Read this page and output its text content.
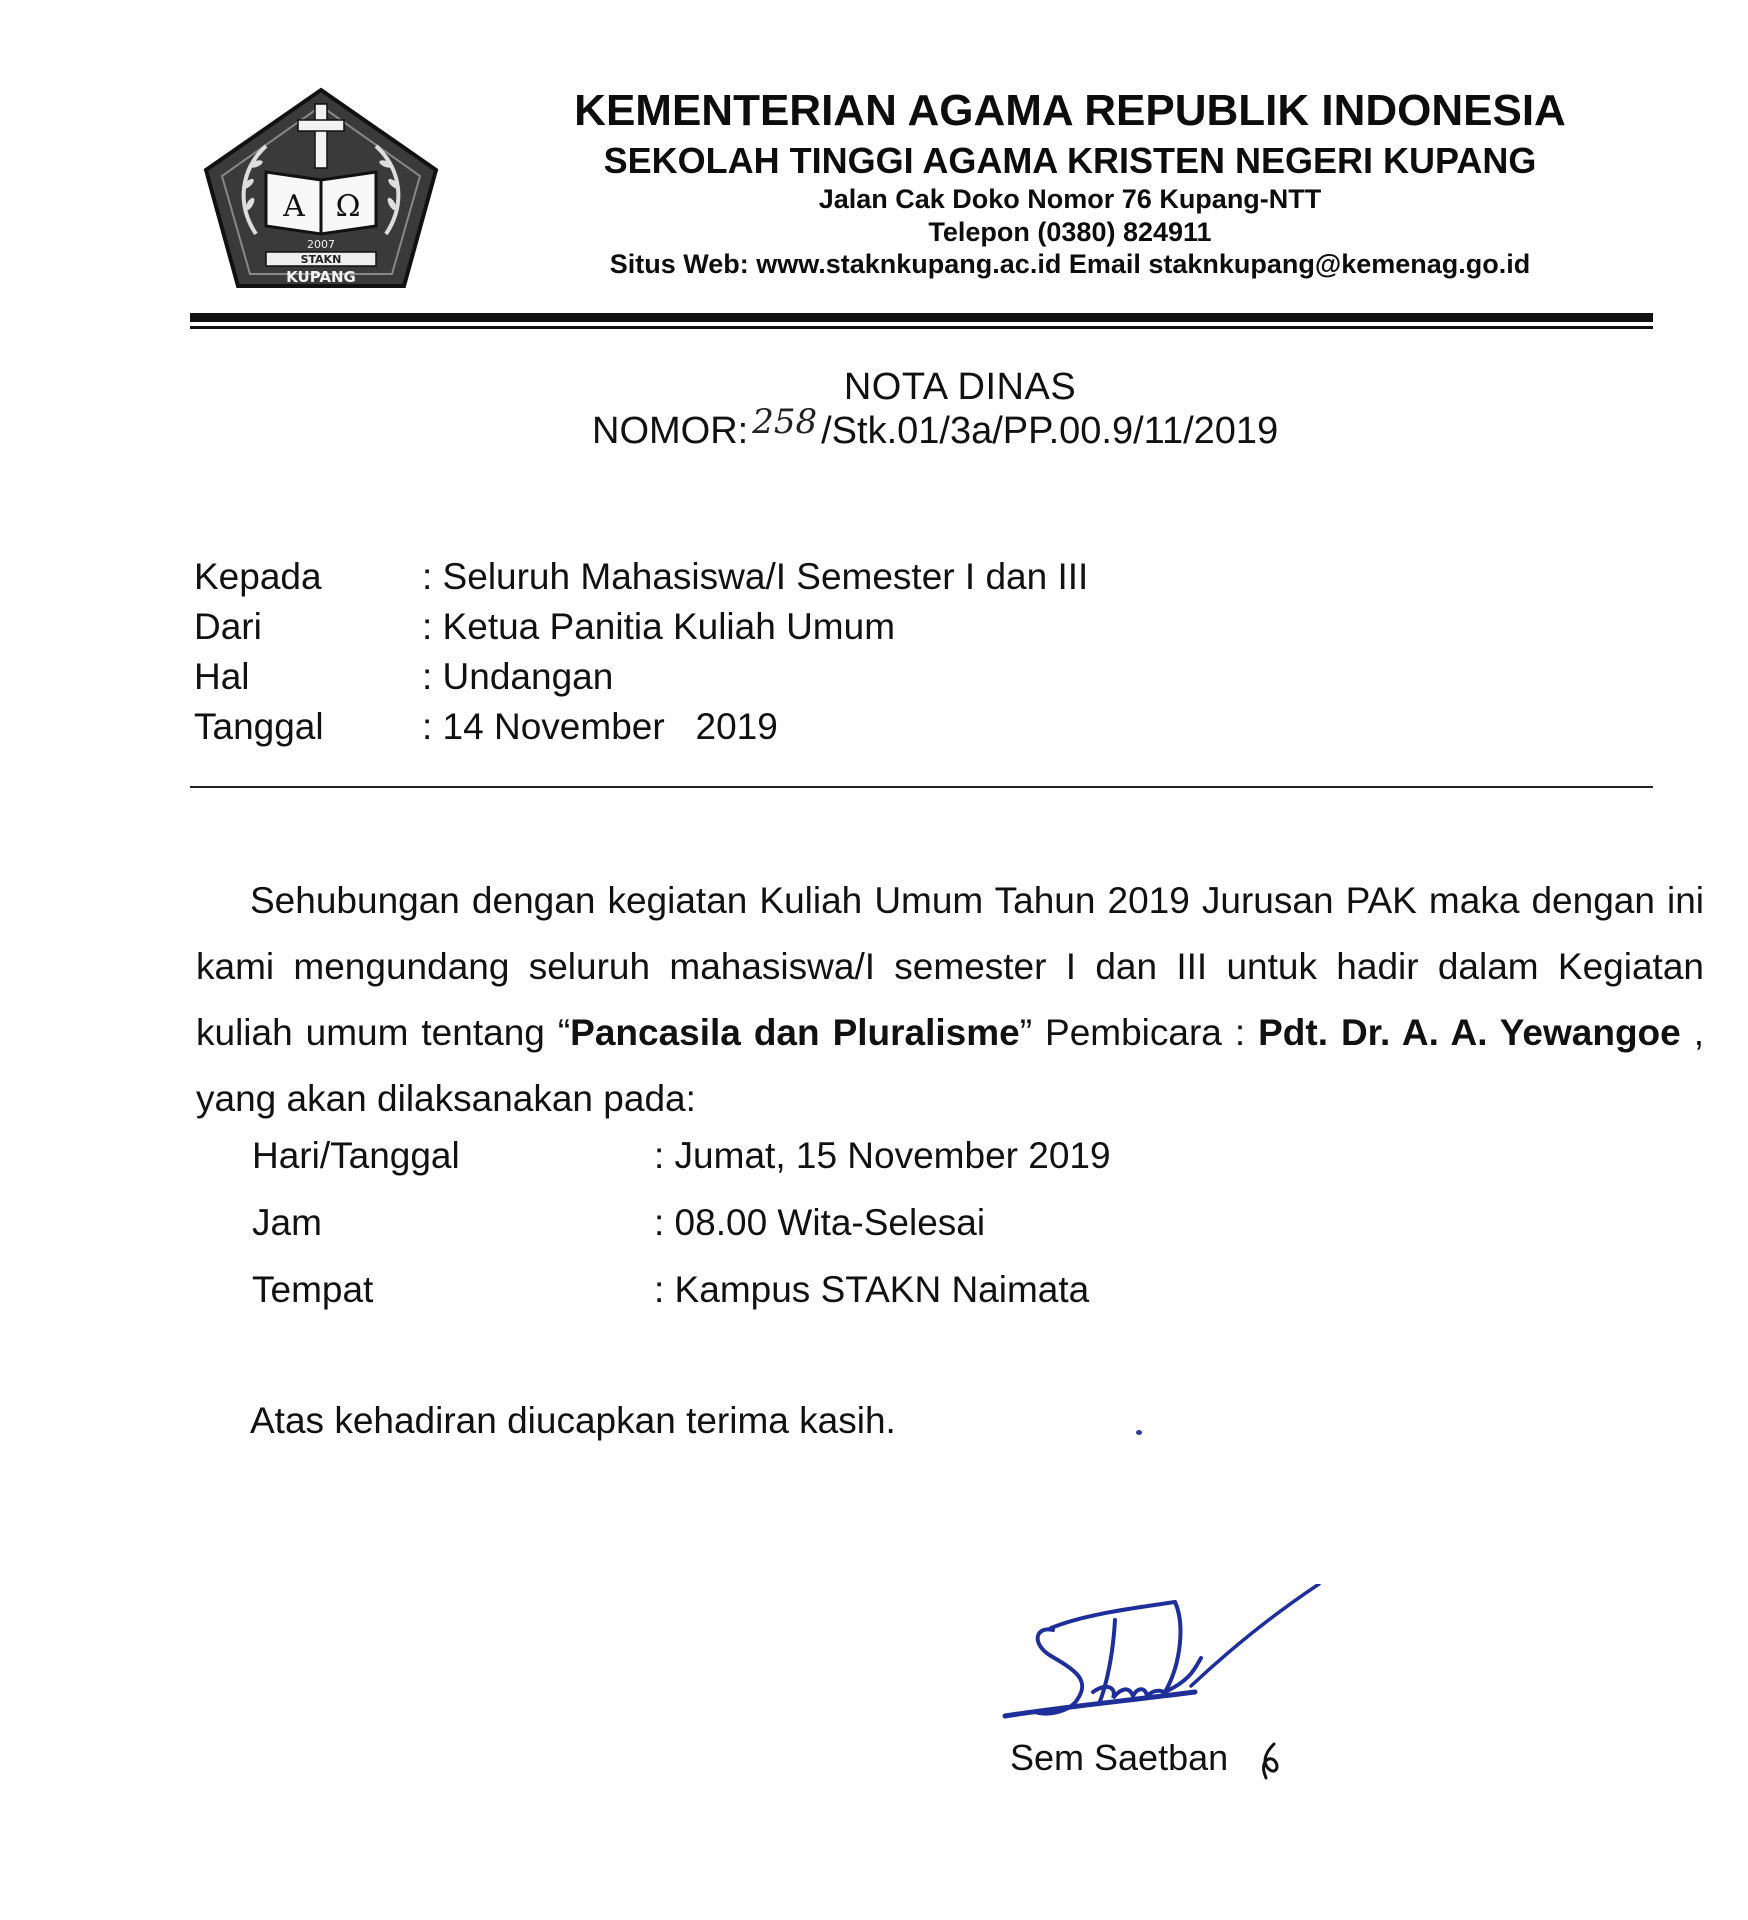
A Ω
2007
STAKN
KUPANG
KEMENTERIAN AGAMA REPUBLIK INDONESIA
SEKOLAH TINGGI AGAMA KRISTEN NEGERI KUPANG
Jalan Cak Doko Nomor 76 Kupang-NTT
Telepon (0380) 824911
Situs Web: www.staknkupang.ac.id Email staknkupang@kemenag.go.id
NOTA DINAS
NOMOR: 258 /Stk.01/3a/PP.00.9/11/2019
Kepada	: Seluruh Mahasiswa/I Semester I dan III
Dari	: Ketua Panitia Kuliah Umum
Hal	: Undangan
Tanggal	: 14 November   2019
Sehubungan dengan kegiatan Kuliah Umum Tahun 2019 Jurusan PAK maka dengan ini kami mengundang seluruh mahasiswa/I semester I dan III untuk hadir dalam Kegiatan kuliah umum tentang “Pancasila dan Pluralisme” Pembicara : Pdt. Dr. A. A. Yewangoe , yang akan dilaksanakan pada:
Hari/Tanggal	: Jumat, 15 November 2019
Jam	: 08.00 Wita-Selesai
Tempat	: Kampus STAKN Naimata
Atas kehadiran diucapkan terima kasih.
Sem Saetban
